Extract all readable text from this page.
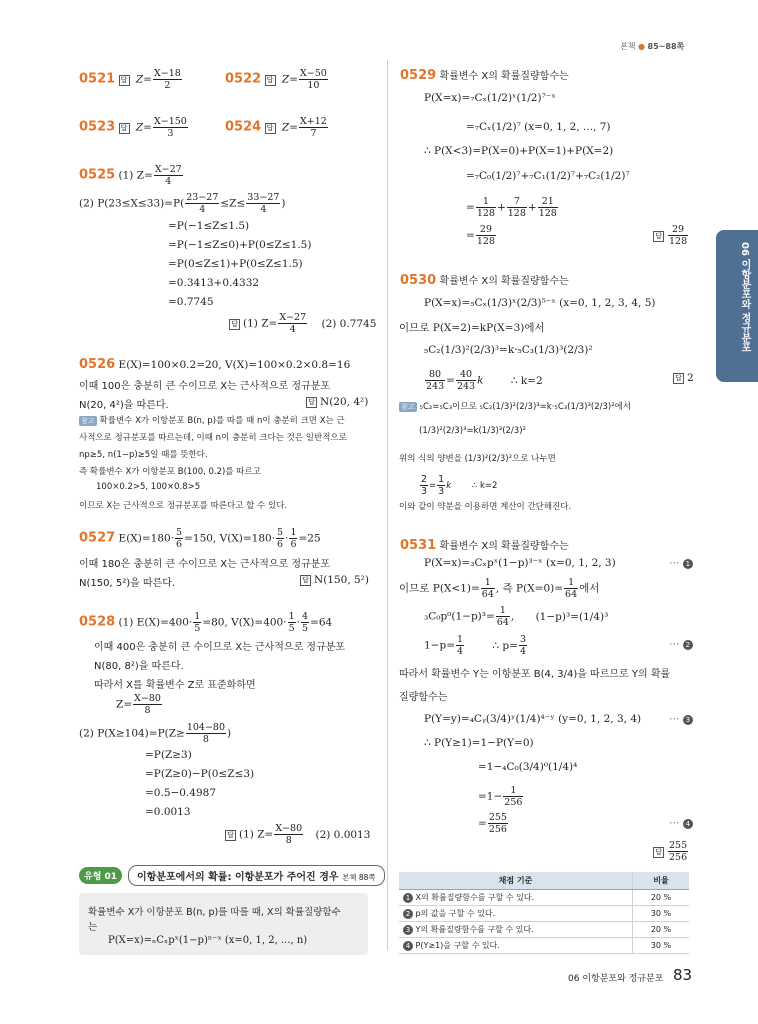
본책 ● 85~88쪽
06 이항분포와 정규분포
0521 답 $Z= \frac{X-18}{2}$	0522 답 $Z= \frac{X-50}{10}$
0523 답 $Z= \frac{X-150}{3}$	0524 답 $Z= \frac{X+12}{7}$
0525 (1) $Z= \frac{X-27}{4}$
(2) $P(23\le X\le 33)=P( \frac{23-27}{4} \le Z\le \frac{33-27}{4}$ )
=P(−1≤Z≤1.5)
=P(−1≤Z≤0)+P(0≤Z≤1.5)
=P(0≤Z≤1)+P(0≤Z≤1.5)
=0.3413+0.4332
=0.7745
답 (1) $Z= \frac{X-27}{4} (2)$ 0.7745
0526 E(X)=100×0.2=20, V(X)=100×0.2×0.8=16
이때 100은 충분히 큰 수이므로 X는 근사적으로 정규분포
N(20, 4²)을 따른다.	답 N(20, 4²)
참고 확률변수 X가 이항분포 B(n, p)를 따를 때 n이 충분히 크면 X는 근
사적으로 정규분포를 따르는데, 이때 n이 충분히 크다는 것은 일반적으로
np≥5, n(1−p)≥5일 때를 뜻한다.
즉 확률변수 X가 이항분포 B(100, 0.2)를 따르고
100×0.2>5, 100×0.8>5
이므로 X는 근사적으로 정규분포를 따른다고 할 수 있다.
0527 $E(X)=180\cdot \frac{5}{6} =150$, $V(X)=180\cdot \frac{5}{6} \cdot \frac{1}{6} =25$
이때 180은 충분히 큰 수이므로 X는 근사적으로 정규분포
N(150, 5²)을 따른다.	답 N(150, 5²)
0528 (1) $E(X)=400\cdot \frac{1}{5} =80$, $V(X)=400\cdot \frac{1}{5} \cdot \frac{4}{5} =64$
이때 400은 충분히 큰 수이므로 X는 근사적으로 정규분포
N(80, 8²)을 따른다.
따라서 X를 확률변수 Z로 표준화하면
$Z= \frac{X-80}{8}$
(2) $P(X\ge 104)=P(Z\ge \frac{104-80}{8}$ )
=P(Z≥3)
=P(Z≥0)−P(0≤Z≤3)
=0.5−0.4987
=0.0013
답 (1) $Z= \frac{X-80}{8} (2)$ 0.0013
유형 01	이항분포에서의 확률: 이항분포가 주어진 경우 본책 88쪽
확률변수 X가 이항분포 B(n, p)를 따를 때, X의 확률질량함수
는
P(X=x)=ₙCₓpˣ(1−p)ⁿ⁻ˣ (x=0, 1, 2, ..., n)
0529 확률변수 X의 확률질량함수는
P(X=x)=₇Cₓ(1/2)ˣ(1/2)⁷⁻ˣ
=₇Cₓ(1/2)⁷ (x=0, 1, 2, ..., 7)
∴ P(X<3)=P(X=0)+P(X=1)+P(X=2)
=₇C₀(1/2)⁷+₇C₁(1/2)⁷+₇C₂(1/2)⁷
= $\frac{1}{128} + \frac{7}{128} + \frac{21}{128}$
= $\frac{29}{128}$	답 $\frac{29}{128}$
0530 확률변수 X의 확률질량함수는
P(X=x)=₅Cₓ(1/3)ˣ(2/3)⁵⁻ˣ (x=0, 1, 2, 3, 4, 5)
이므로 P(X=2)=kP(X=3)에서
₅C₂(1/3)²(2/3)³=k·₅C₃(1/3)³(2/3)²
$\frac{80}{243} = \frac{40}{243}$ k	∴ k=2	답 2
참고 ₅C₂=₅C₃이므로 ₅C₂(1/3)²(2/3)³=k·₅C₃(1/3)³(2/3)²에서
(1/3)²(2/3)³=k(1/3)³(2/3)²
위의 식의 양변을 (1/3)²(2/3)²으로 나누면
$\frac{2}{3} = \frac{1}{3}$ k ∴ k=2
이와 같이 약분을 이용하면 계산이 간단해진다.
0531 확률변수 X의 확률질량함수는
P(X=x)=₃Cₓpˣ(1−p)³⁻ˣ (x=0, 1, 2, 3)	⋯ 1
이므로 $P(X<1)= \frac{1}{64}$ , 즉 $P(X=0)= \frac{1}{64}$ 에서
$_3C_0p^0(1-p)^3= \frac{1}{64}$ , (1−p)³=(1/4)³
$1-p= \frac{1}{4}$	∴ $p= \frac{3}{4}$	⋯ 2
따라서 확률변수 Y는 이항분포 B(4, 3/4)을 따르므로 Y의 확률
질량함수는
P(Y=y)=₄Cᵧ(3/4)ʸ(1/4)⁴⁻ʸ (y=0, 1, 2, 3, 4)	⋯ 3
∴ P(Y≥1)=1−P(Y=0)
=1−₄C₀(3/4)⁰(1/4)⁴
$=1- \frac{1}{256}$
= $\frac{255}{256}$	⋯ 4
답 $\frac{255}{256}$
채점 기준	비율
1 X의 확률질량함수를 구할 수 있다.	20 %
2 p의 값을 구할 수 있다.	30 %
3 Y의 확률질량함수를 구할 수 있다.	20 %
4 P(Y≥1)을 구할 수 있다.	30 %
06 이항분포와 정규분포 83
